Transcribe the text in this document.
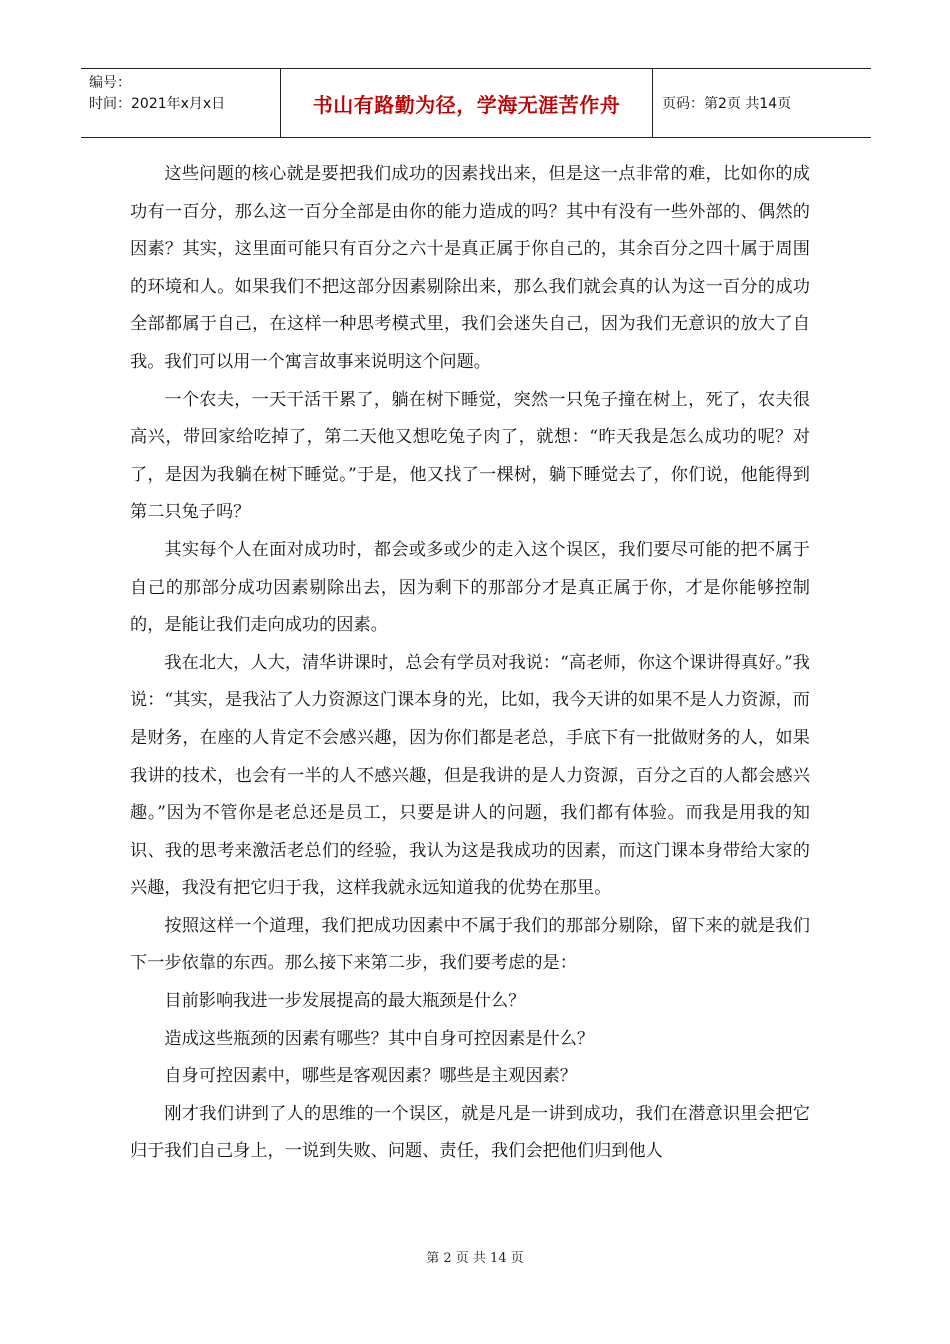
编号：
时间：2021年x月x日	书山有路勤为径，学海无涯苦作舟	页码：第2页 共14页

这些问题的核心就是要把我们成功的因素找出来，但是这一点非常的难，比如你的成功有一百分，那么这一百分全部是由你的能力造成的吗？其中有没有一些外部的、偶然的因素？其实，这里面可能只有百分之六十是真正属于你自己的，其余百分之四十属于周围的环境和人。如果我们不把这部分因素剔除出来，那么我们就会真的认为这一百分的成功全部都属于自己，在这样一种思考模式里，我们会迷失自己，因为我们无意识的放大了自我。我们可以用一个寓言故事来说明这个问题。

一个农夫，一天干活干累了，躺在树下睡觉，突然一只兔子撞在树上，死了，农夫很高兴，带回家给吃掉了，第二天他又想吃兔子肉了，就想：“昨天我是怎么成功的呢？对了，是因为我躺在树下睡觉。”于是，他又找了一棵树，躺下睡觉去了，你们说，他能得到第二只兔子吗？

其实每个人在面对成功时，都会或多或少的走入这个误区，我们要尽可能的把不属于自己的那部分成功因素剔除出去，因为剩下的那部分才是真正属于你，才是你能够控制的，是能让我们走向成功的因素。

我在北大，人大，清华讲课时，总会有学员对我说：“高老师，你这个课讲得真好。”我说：“其实，是我沾了人力资源这门课本身的光，比如，我今天讲的如果不是人力资源，而是财务，在座的人肯定不会感兴趣，因为你们都是老总，手底下有一批做财务的人，如果我讲的技术，也会有一半的人不感兴趣，但是我讲的是人力资源，百分之百的人都会感兴趣。”因为不管你是老总还是员工，只要是讲人的问题，我们都有体验。而我是用我的知识、我的思考来激活老总们的经验，我认为这是我成功的因素，而这门课本身带给大家的兴趣，我没有把它归于我，这样我就永远知道我的优势在那里。

按照这样一个道理，我们把成功因素中不属于我们的那部分剔除，留下来的就是我们下一步依靠的东西。那么接下来第二步，我们要考虑的是：

目前影响我进一步发展提高的最大瓶颈是什么？

造成这些瓶颈的因素有哪些？其中自身可控因素是什么？

自身可控因素中，哪些是客观因素？哪些是主观因素？

刚才我们讲到了人的思维的一个误区，就是凡是一讲到成功，我们在潜意识里会把它归于我们自己身上，一说到失败、问题、责任，我们会把他们归到他人

第 2 页 共 14 页
